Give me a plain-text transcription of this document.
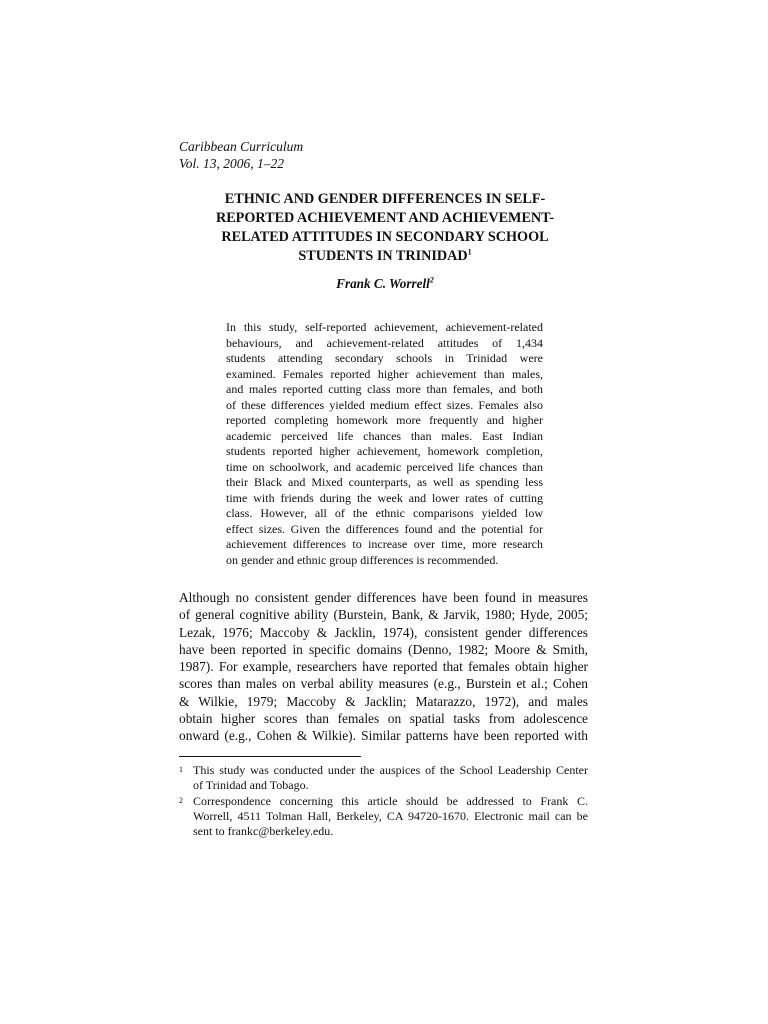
Caribbean Curriculum
Vol. 13, 2006, 1–22
ETHNIC AND GENDER DIFFERENCES IN SELF-
REPORTED ACHIEVEMENT AND ACHIEVEMENT-
RELATED ATTITUDES IN SECONDARY SCHOOL
STUDENTS IN TRINIDAD$^1$
Frank C. Worrell$^2$
In this study, self-reported achievement, achievement-related
behaviours, and achievement-related attitudes of 1,434
students attending secondary schools in Trinidad were
examined. Females reported higher achievement than males,
and males reported cutting class more than females, and both
of these differences yielded medium effect sizes. Females also
reported completing homework more frequently and higher
academic perceived life chances than males. East Indian
students reported higher achievement, homework completion,
time on schoolwork, and academic perceived life chances than
their Black and Mixed counterparts, as well as spending less
time with friends during the week and lower rates of cutting
class. However, all of the ethnic comparisons yielded low
effect sizes. Given the differences found and the potential for
achievement differences to increase over time, more research
on gender and ethnic group differences is recommended.
Although no consistent gender differences have been found in measures
of general cognitive ability (Burstein, Bank, & Jarvik, 1980; Hyde, 2005;
Lezak, 1976; Maccoby & Jacklin, 1974), consistent gender differences
have been reported in specific domains (Denno, 1982; Moore & Smith,
1987). For example, researchers have reported that females obtain higher
scores than males on verbal ability measures (e.g., Burstein et al.; Cohen
& Wilkie, 1979; Maccoby & Jacklin; Matarazzo, 1972), and males
obtain higher scores than females on spatial tasks from adolescence
onward (e.g., Cohen & Wilkie). Similar patterns have been reported with
1 This study was conducted under the auspices of the School Leadership Center
of Trinidad and Tobago.
2 Correspondence concerning this article should be addressed to Frank C.
Worrell, 4511 Tolman Hall, Berkeley, CA 94720-1670. Electronic mail can be
sent to frankc@berkeley.edu.
